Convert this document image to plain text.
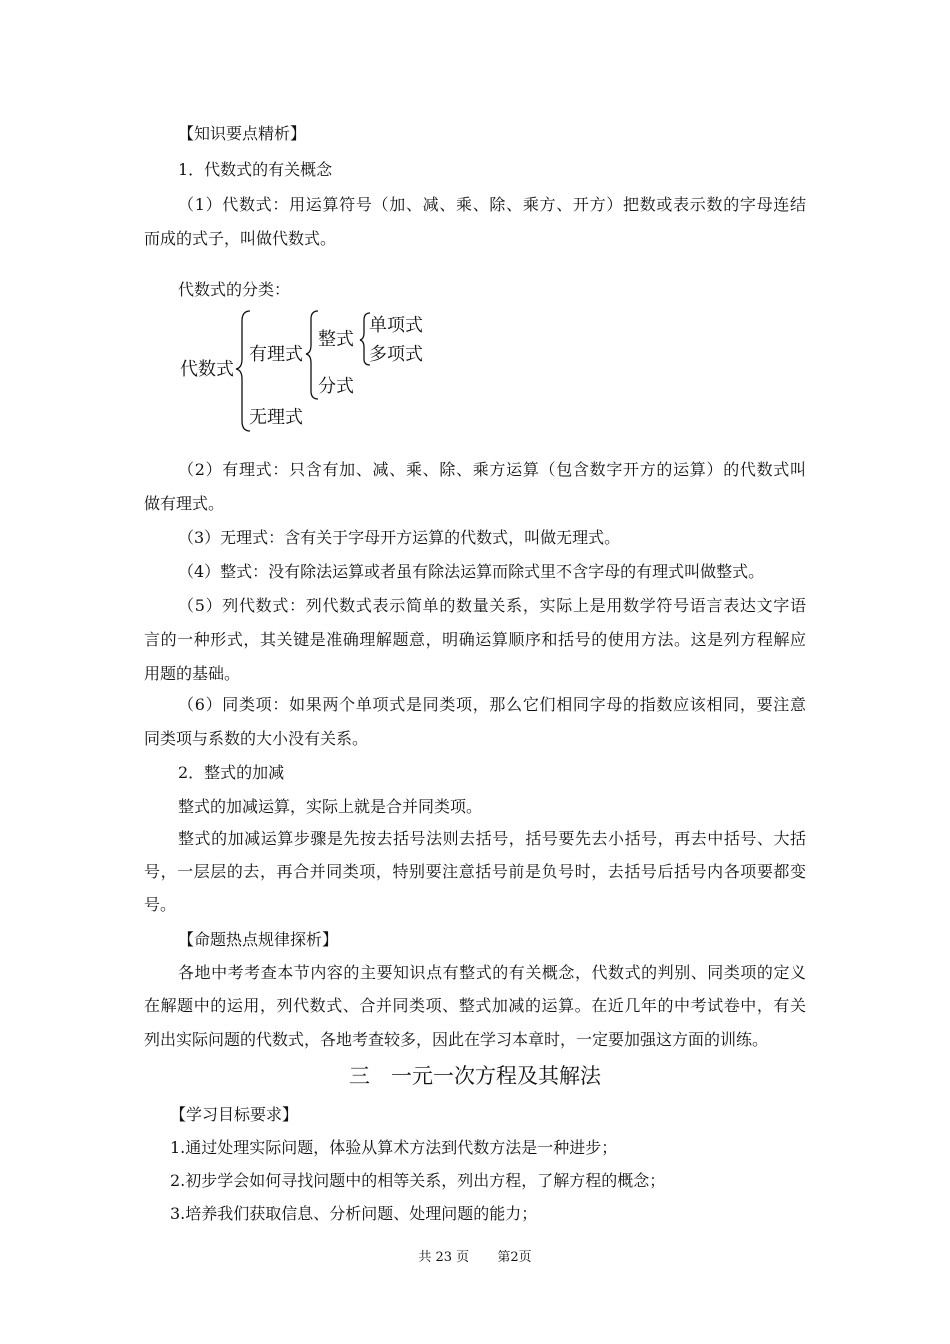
【知识要点精析】
1．代数式的有关概念
（1）代数式：用运算符号（加、减、乘、除、乘方、开方）把数或表示数的字母连结
而成的式子，叫做代数式。
代数式的分类：
代数式
有理式
整式
单项式
多项式
分式
无理式
（2）有理式：只含有加、减、乘、除、乘方运算（包含数字开方的运算）的代数式叫
做有理式。
（3）无理式：含有关于字母开方运算的代数式，叫做无理式。
（4）整式：没有除法运算或者虽有除法运算而除式里不含字母的有理式叫做整式。
（5）列代数式：列代数式表示简单的数量关系，实际上是用数学符号语言表达文字语
言的一种形式，其关键是准确理解题意，明确运算顺序和括号的使用方法。这是列方程解应
用题的基础。
（6）同类项：如果两个单项式是同类项，那么它们相同字母的指数应该相同，要注意
同类项与系数的大小没有关系。
2．整式的加减
整式的加减运算，实际上就是合并同类项。
整式的加减运算步骤是先按去括号法则去括号，括号要先去小括号，再去中括号、大括
号，一层层的去，再合并同类项，特别要注意括号前是负号时，去括号后括号内各项要都变
号。
【命题热点规律探析】
各地中考考查本节内容的主要知识点有整式的有关概念，代数式的判别、同类项的定义
在解题中的运用，列代数式、合并同类项、整式加减的运算。在近几年的中考试卷中，有关
列出实际问题的代数式，各地考查较多，因此在学习本章时，一定要加强这方面的训练。
三　一元一次方程及其解法
【学习目标要求】
1.通过处理实际问题，体验从算术方法到代数方法是一种进步；
2.初步学会如何寻找问题中的相等关系，列出方程，了解方程的概念；
3.培养我们获取信息、分析问题、处理问题的能力；
共 23 页 第2页
